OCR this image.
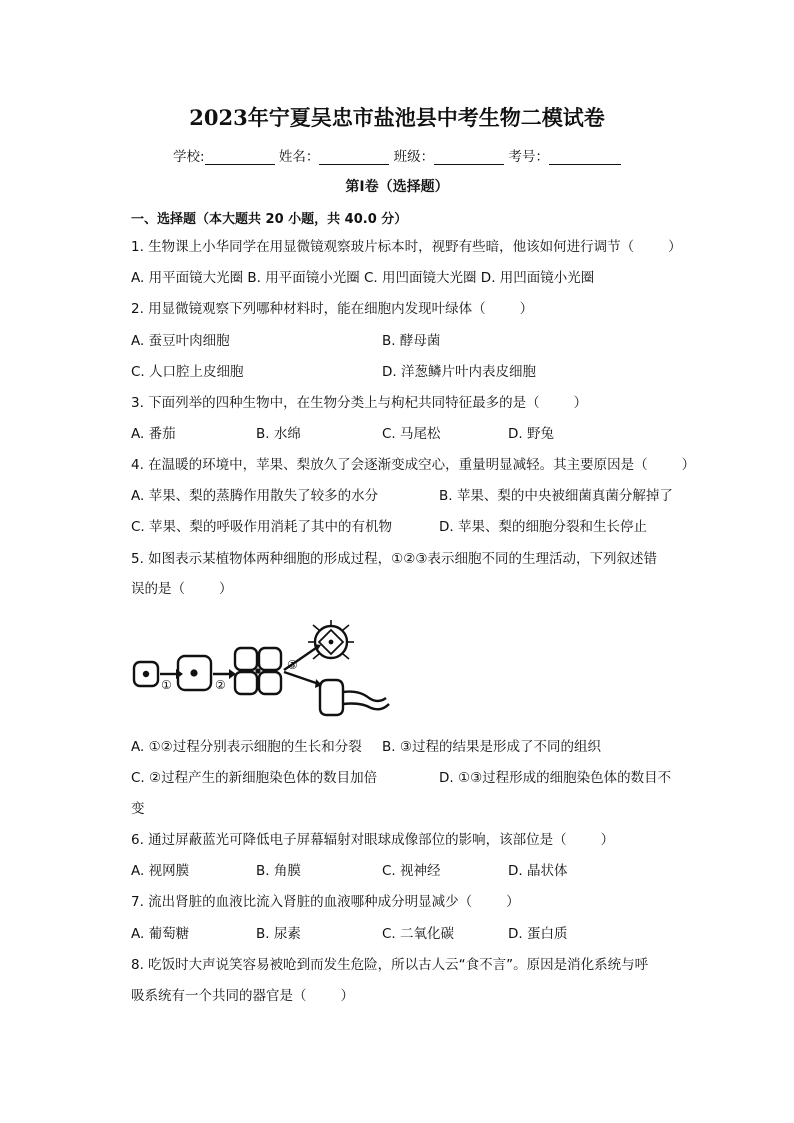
2023年宁夏吴忠市盐池县中考生物二模试卷
学校:	姓名：	班级：	考号：
第Ⅰ卷（选择题）
一、选择题（本大题共 20 小题，共 40.0 分）
1. 生物课上小华同学在用显微镜观察玻片标本时，视野有些暗，他该如何进行调节（	）
A. 用平面镜大光圈 B. 用平面镜小光圈 C. 用凹面镜大光圈 D. 用凹面镜小光圈
2. 用显微镜观察下列哪种材料时，能在细胞内发现叶绿体（	）
A. 蚕豆叶肉细胞	B. 酵母菌
C. 人口腔上皮细胞	D. 洋葱鳞片叶内表皮细胞
3. 下面列举的四种生物中，在生物分类上与枸杞共同特征最多的是（	）
A. 番茄	B. 水绵	C. 马尾松	D. 野兔
4. 在温暖的环境中，苹果、梨放久了会逐渐变成空心，重量明显减轻。其主要原因是（	）
A. 苹果、梨的蒸腾作用散失了较多的水分	B. 苹果、梨的中央被细菌真菌分解掉了
C. 苹果、梨的呼吸作用消耗了其中的有机物	D. 苹果、梨的细胞分裂和生长停止
5. 如图表示某植物体两种细胞的形成过程，①②③表示细胞不同的生理活动，下列叙述错
误的是（	）
①	②
③
A. ①②过程分别表示细胞的生长和分裂 B. ③过程的结果是形成了不同的组织
C. ②过程产生的新细胞染色体的数目加倍	D. ①③过程形成的细胞染色体的数目不
变
6. 通过屏蔽蓝光可降低电子屏幕辐射对眼球成像部位的影响，该部位是（	）
A. 视网膜	B. 角膜	C. 视神经	D. 晶状体
7. 流出肾脏的血液比流入肾脏的血液哪种成分明显减少（	）
A. 葡萄糖	B. 尿素	C. 二氧化碳	D. 蛋白质
8. 吃饭时大声说笑容易被呛到而发生危险，所以古人云“食不言”。原因是消化系统与呼
吸系统有一个共同的器官是（	）
